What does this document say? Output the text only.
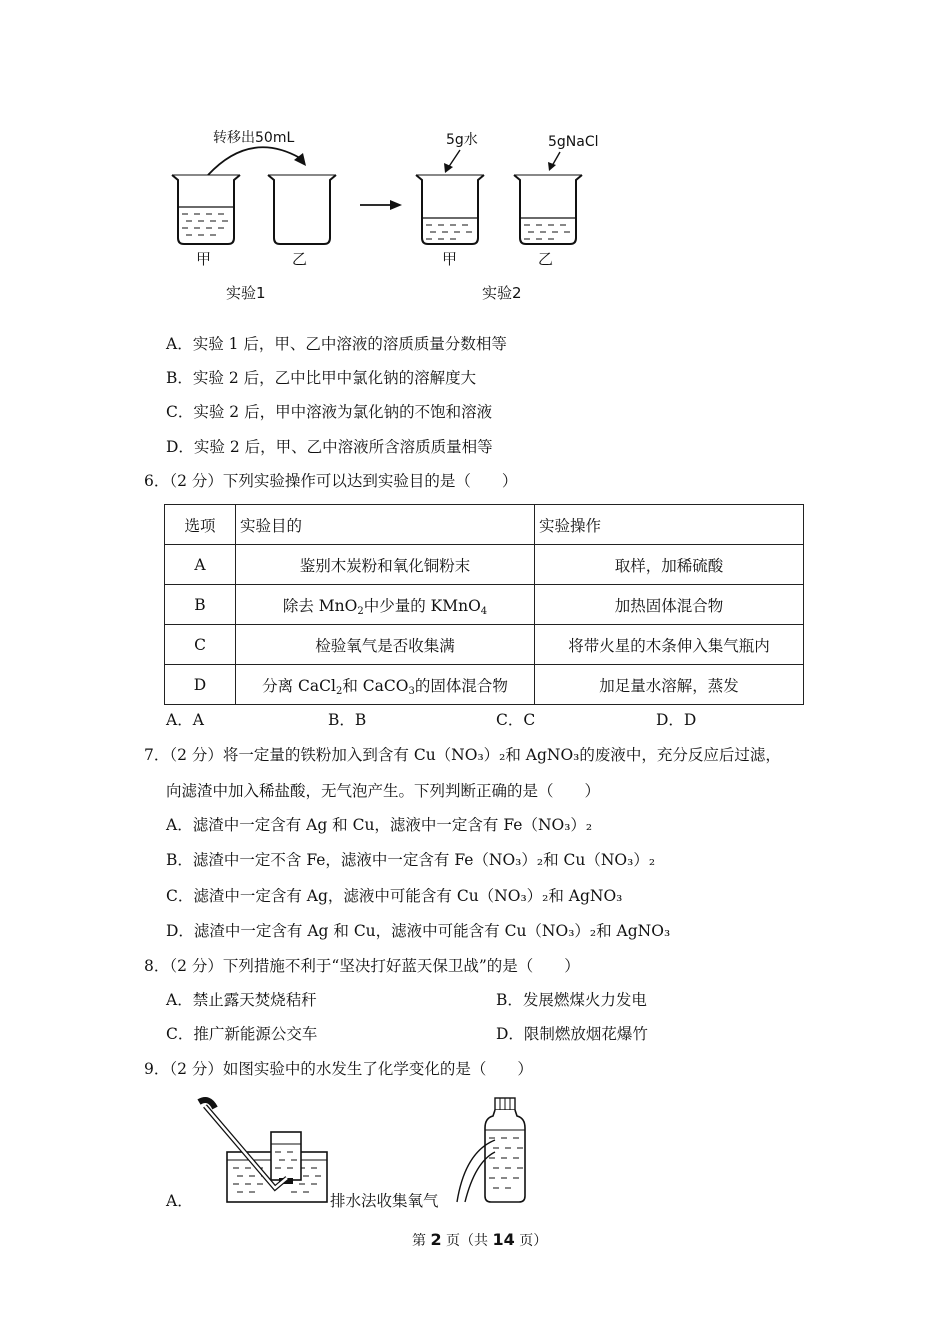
转移出50mL	5g水	5gNaCl
甲	乙	甲	乙
实验1	实验2
A．实验 1 后，甲、乙中溶液的溶质质量分数相等
B．实验 2 后，乙中比甲中氯化钠的溶解度大
C．实验 2 后，甲中溶液为氯化钠的不饱和溶液
D．实验 2 后，甲、乙中溶液所含溶质质量相等
6．（2 分）下列实验操作可以达到实验目的是（　　）
选项	实验目的	实验操作
A	鉴别木炭粉和氧化铜粉末	取样，加稀硫酸
B	除去 MnO$_2$中少量的 KMnO$_4$	加热固体混合物
C	检验氧气是否收集满	将带火星的木条伸入集气瓶内
D	分离 CaCl$_2$和 CaCO$_3$的固体混合物	加足量水溶解，蒸发
A．A	B．B	C．C	D．D
7．（2 分）将一定量的铁粉加入到含有 Cu（NO₃）₂和 AgNO₃的废液中，充分反应后过滤，
向滤渣中加入稀盐酸，无气泡产生。下列判断正确的是（　　）
A．滤渣中一定含有 Ag 和 Cu，滤液中一定含有 Fe（NO₃）₂
B．滤渣中一定不含 Fe，滤液中一定含有 Fe（NO₃）₂和 Cu（NO₃）₂
C．滤渣中一定含有 Ag，滤液中可能含有 Cu（NO₃）₂和 AgNO₃
D．滤渣中一定含有 Ag 和 Cu，滤液中可能含有 Cu（NO₃）₂和 AgNO₃
8．（2 分）下列措施不利于“坚决打好蓝天保卫战”的是（　　）
A．禁止露天焚烧秸秆	B．发展燃煤火力发电
C．推广新能源公交车	D．限制燃放烟花爆竹
9．（2 分）如图实验中的水发生了化学变化的是（　　）
A．	排水法收集氧气
第 2 页（共 14 页）
